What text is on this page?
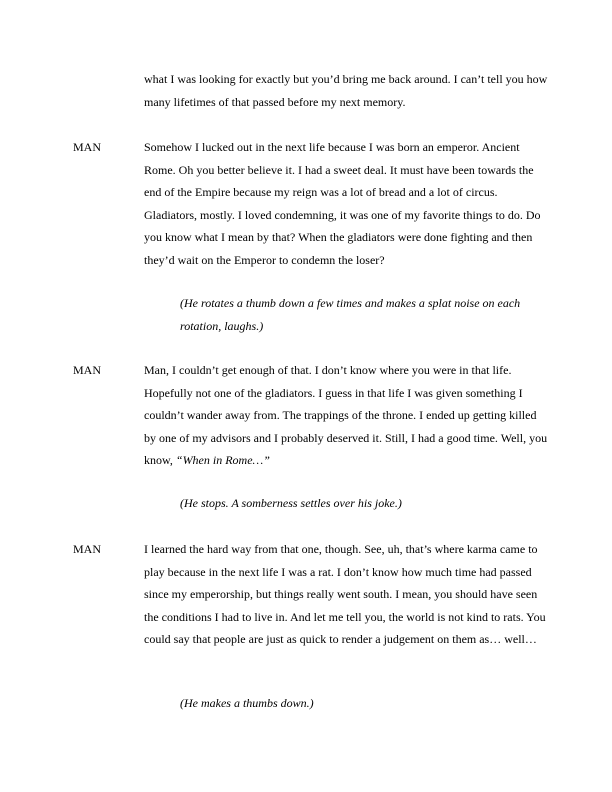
what I was looking for exactly but you’d bring me back around. I can’t tell you how many lifetimes of that passed before my next memory.

MAN	Somehow I lucked out in the next life because I was born an emperor. Ancient Rome. Oh you better believe it. I had a sweet deal. It must have been towards the end of the Empire because my reign was a lot of bread and a lot of circus. Gladiators, mostly. I loved condemning, it was one of my favorite things to do. Do you know what I mean by that? When the gladiators were done fighting and then they’d wait on the Emperor to condemn the loser?

(He rotates a thumb down a few times and makes a splat noise on each rotation, laughs.)

MAN	Man, I couldn’t get enough of that. I don’t know where you were in that life. Hopefully not one of the gladiators. I guess in that life I was given something I couldn’t wander away from. The trappings of the throne. I ended up getting killed by one of my advisors and I probably deserved it. Still, I had a good time. Well, you know, “When in Rome…”

(He stops. A somberness settles over his joke.)

MAN	I learned the hard way from that one, though. See, uh, that’s where karma came to play because in the next life I was a rat. I don’t know how much time had passed since my emperorship, but things really went south. I mean, you should have seen the conditions I had to live in. And let me tell you, the world is not kind to rats. You could say that people are just as quick to render a judgement on them as… well…

(He makes a thumbs down.)
